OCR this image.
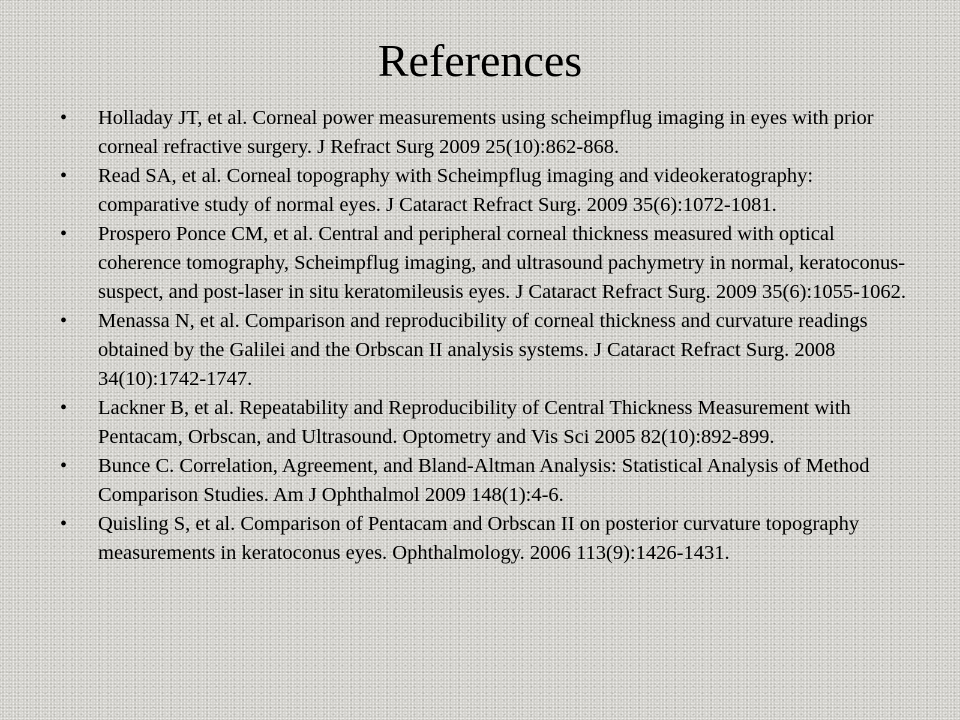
References
• Holladay JT, et al. Corneal power measurements using scheimpflug imaging in eyes with prior corneal refractive surgery. J Refract Surg 2009 25(10):862-868.
• Read SA, et al. Corneal topography with Scheimpflug imaging and videokeratography: comparative study of normal eyes. J Cataract Refract Surg. 2009 35(6):1072-1081.
• Prospero Ponce CM, et al. Central and peripheral corneal thickness measured with optical coherence tomography, Scheimpflug imaging, and ultrasound pachymetry in normal, keratoconus-suspect, and post-laser in situ keratomileusis eyes. J Cataract Refract Surg. 2009 35(6):1055-1062.
• Menassa N, et al. Comparison and reproducibility of corneal thickness and curvature readings obtained by the Galilei and the Orbscan II analysis systems. J Cataract Refract Surg. 2008 34(10):1742-1747.
• Lackner B, et al. Repeatability and Reproducibility of Central Thickness Measurement with Pentacam, Orbscan, and Ultrasound. Optometry and Vis Sci 2005 82(10):892-899.
• Bunce C. Correlation, Agreement, and Bland-Altman Analysis: Statistical Analysis of Method Comparison Studies. Am J Ophthalmol 2009 148(1):4-6.
• Quisling S, et al. Comparison of Pentacam and Orbscan II on posterior curvature topography measurements in keratoconus eyes. Ophthalmology. 2006 113(9):1426-1431.
